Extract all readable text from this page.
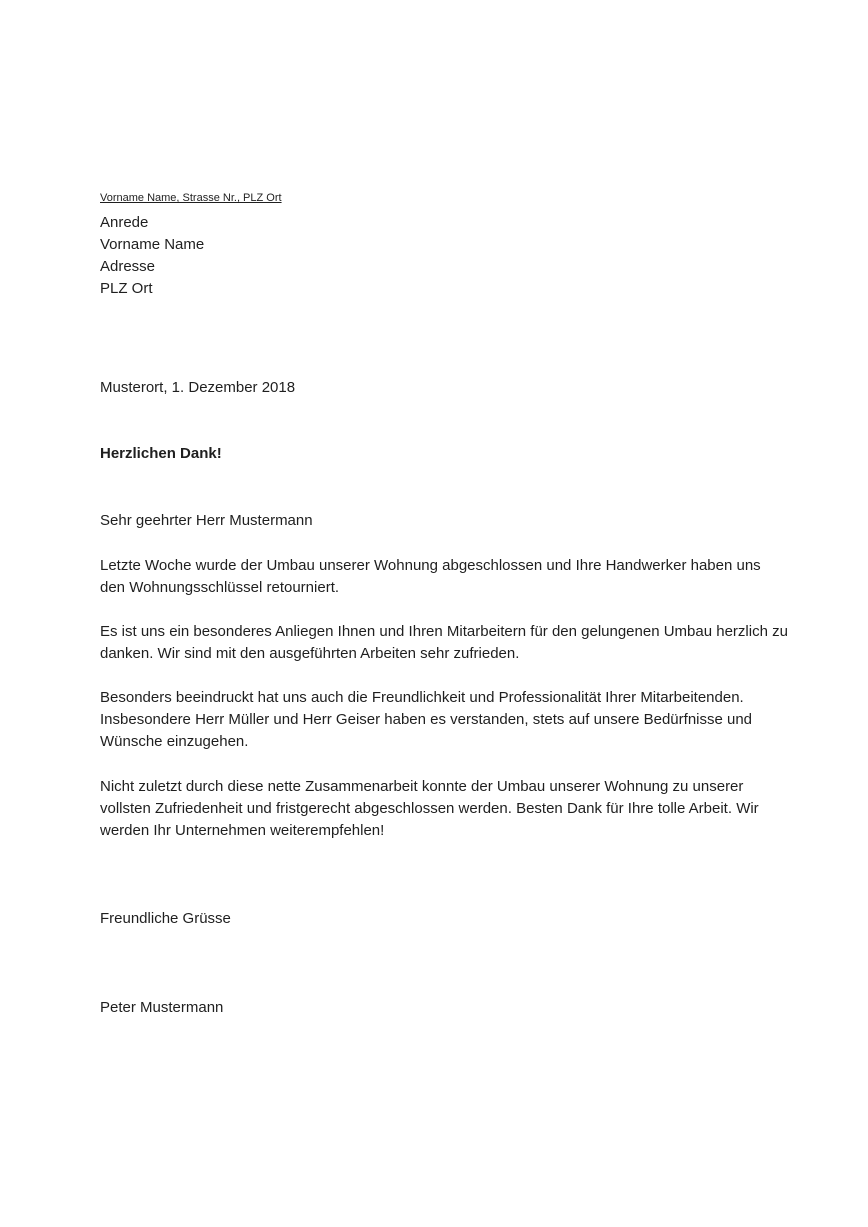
Vorname Name, Strasse Nr., PLZ Ort
Anrede
Vorname Name
Adresse
PLZ Ort
Musterort, 1. Dezember 2018
Herzlichen Dank!
Sehr geehrter Herr Mustermann

Letzte Woche wurde der Umbau unserer Wohnung abgeschlossen und Ihre Handwerker haben uns den Wohnungsschlüssel retourniert.

Es ist uns ein besonderes Anliegen Ihnen und Ihren Mitarbeitern für den gelungenen Umbau herzlich zu danken. Wir sind mit den ausgeführten Arbeiten sehr zufrieden.

Besonders beeindruckt hat uns auch die Freundlichkeit und Professionalität Ihrer Mitarbeitenden. Insbesondere Herr Müller und Herr Geiser haben es verstanden, stets auf unsere Bedürfnisse und Wünsche einzugehen.

Nicht zuletzt durch diese nette Zusammenarbeit konnte der Umbau unserer Wohnung zu unserer vollsten Zufriedenheit und fristgerecht abgeschlossen werden. Besten Dank für Ihre tolle Arbeit. Wir werden Ihr Unternehmen weiterempfehlen!

Freundliche Grüsse
Peter Mustermann
